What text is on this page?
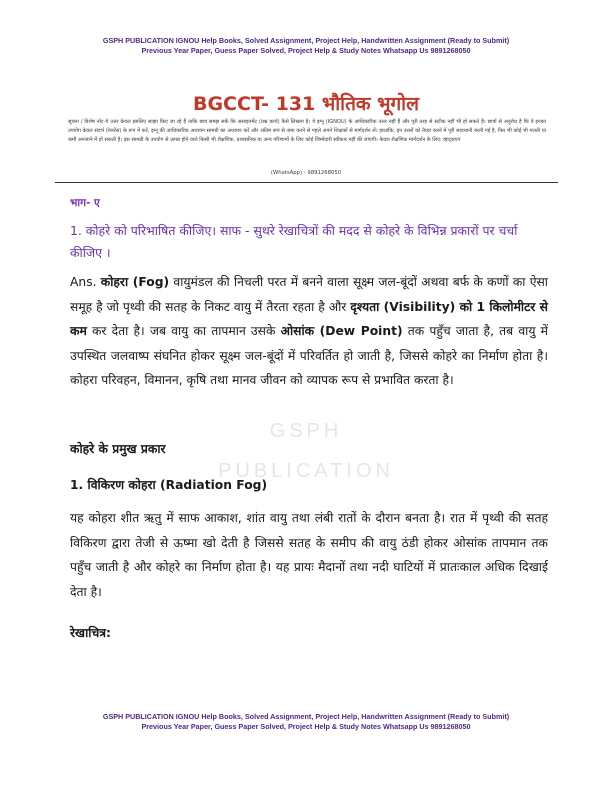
GSPH
PUBLICATION
GSPH PUBLICATION IGNOU Help Books, Solved Assignment, Project Help, Handwritten Assignment (Ready to Submit)
Previous Year Paper, Guess Paper Solved, Project Help & Study Notes Whatsapp Us 9891268050
BGCCT- 131 भौतिक भूगोल
सूचना / विशेष नोट-ये उत्तर केवल इसलिए साझा किए जा रहे हैं ताकि छात्र समझ सकें कि असाइनमेंट (प्रश्न कार्य) कैसे लिखना है। ये इग्नू (IGNOU) के आधिकारिक उत्तर नहीं हैं और पूरी तरह से सटीक नहीं भी हो सकते हैं। छात्रों से अनुरोध है कि वे इनका उपयोग केवल संदर्भ (रेफरेंस) के रूप में करें, इग्नू की आधिकारिक अध्ययन सामग्री का अध्ययन करें और अंतिम रूप से जमा करने से पहले अपने शिक्षकों से मार्गदर्शन लें। हालांकि, इन उत्तरों को तैयार करने में पूरी सावधानी बरती गई है, फिर भी कोई भी गलती या कमी अनजाने में हो सकती है। इस सामग्री के उपयोग से उत्पन्न होने वाले किसी भी शैक्षणिक, प्रशासनिक या अन्य परिणामों के लिए कोई जिम्मेदारी स्वीकार नहीं की जाएगी। केवल शैक्षणिक मार्गदर्शन के लिए: व्हाट्सएप
(WhatsApp) - 9891268050
भाग- ए
1. कोहरे को परिभाषित कीजिए। साफ - सुथरे रेखाचित्रों की मदद से कोहरे के विभिन्न प्रकारों पर चर्चा कीजिए ।
Ans. कोहरा (Fog) वायुमंडल की निचली परत में बनने वाला सूक्ष्म जल-बूंदों अथवा बर्फ के कणों का ऐसा समूह है जो पृथ्वी की सतह के निकट वायु में तैरता रहता है और दृश्यता (Visibility) को 1 किलोमीटर से कम कर देता है। जब वायु का तापमान उसके ओसांक (Dew Point) तक पहुँच जाता है, तब वायु में उपस्थित जलवाष्प संघनित होकर सूक्ष्म जल-बूंदों में परिवर्तित हो जाती है, जिससे कोहरे का निर्माण होता है। कोहरा परिवहन, विमानन, कृषि तथा मानव जीवन को व्यापक रूप से प्रभावित करता है।
कोहरे के प्रमुख प्रकार
1. विकिरण कोहरा (Radiation Fog)
यह कोहरा शीत ऋतु में साफ आकाश, शांत वायु तथा लंबी रातों के दौरान बनता है। रात में पृथ्वी की सतह विकिरण द्वारा तेजी से ऊष्मा खो देती है जिससे सतह के समीप की वायु ठंडी होकर ओसांक तापमान तक पहुँच जाती है और कोहरे का निर्माण होता है। यह प्रायः मैदानों तथा नदी घाटियों में प्रातःकाल अधिक दिखाई देता है।
रेखाचित्र:
GSPH PUBLICATION IGNOU Help Books, Solved Assignment, Project Help, Handwritten Assignment (Ready to Submit)
Previous Year Paper, Guess Paper Solved, Project Help & Study Notes Whatsapp Us 9891268050
